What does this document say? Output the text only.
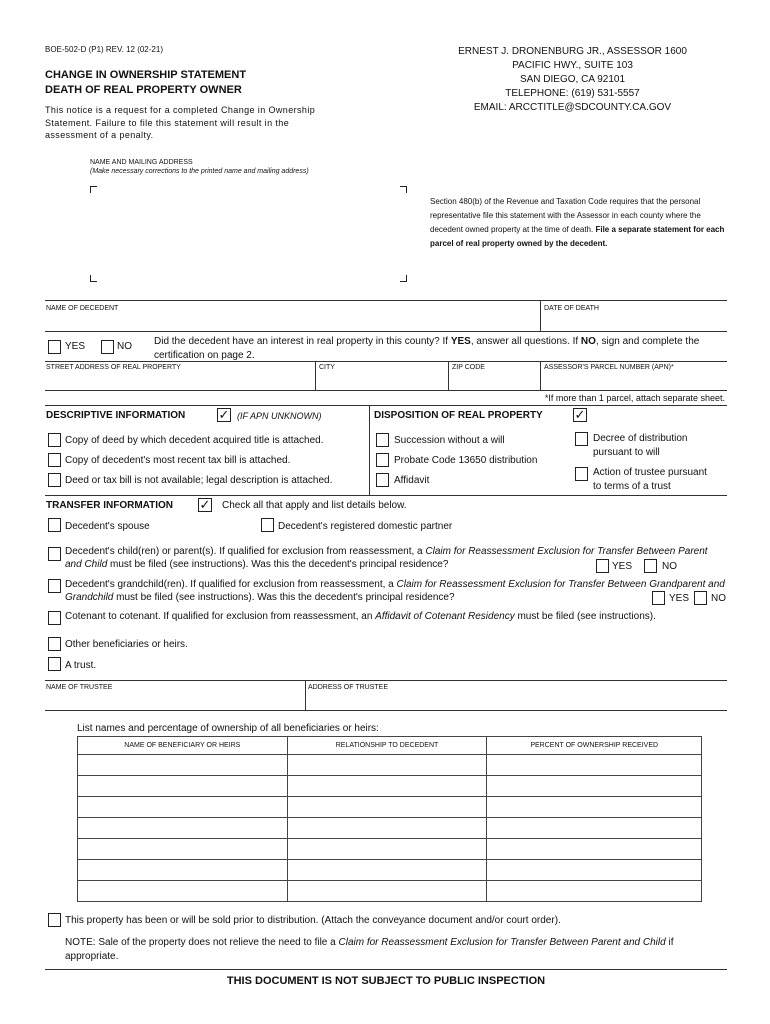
BOE-502-D (P1) REV. 12 (02-21)
CHANGE IN OWNERSHIP STATEMENT
DEATH OF REAL PROPERTY OWNER
This notice is a request for a completed Change in Ownership Statement. Failure to file this statement will result in the assessment of a penalty.
ERNEST J. DRONENBURG JR., ASSESSOR 1600
PACIFIC HWY., SUITE 103
SAN DIEGO, CA 92101
TELEPHONE: (619) 531-5557
EMAIL: ARCCTITLE@SDCOUNTY.CA.GOV
NAME AND MAILING ADDRESS
(Make necessary corrections to the printed name and mailing address)
Section 480(b) of the Revenue and Taxation Code requires that the personal representative file this statement with the Assessor in each county where the decedent owned property at the time of death. File a separate statement for each parcel of real property owned by the decedent.
NAME OF DECEDENT	DATE OF DEATH
YES	NO Did the decedent have an interest in real property in this county? If YES, answer all questions. If NO, sign and complete the certification on page 2.
STREET ADDRESS OF REAL PROPERTY	CITY	ZIP CODE	ASSESSOR'S PARCEL NUMBER (APN)*
*If more than 1 parcel, attach separate sheet.
DESCRIPTIVE INFORMATION	✓ (IF APN UNKNOWN)
Copy of deed by which decedent acquired title is attached.
Copy of decedent's most recent tax bill is attached.
Deed or tax bill is not available; legal description is attached.
DISPOSITION OF REAL PROPERTY ✓
Succession without a will
Probate Code 13650 distribution
Affidavit
Decree of distribution
pursuant to will
Action of trustee pursuant
to terms of a trust
TRANSFER INFORMATION ✓ Check all that apply and list details below.
Decedent's spouse	Decedent's registered domestic partner
Decedent's child(ren) or parent(s). If qualified for exclusion from reassessment, a Claim for Reassessment Exclusion for Transfer Between Parent and Child must be filed (see instructions). Was this the decedent's principal residence?	YES	NO
Decedent's grandchild(ren). If qualified for exclusion from reassessment, a Claim for Reassessment Exclusion for Transfer Between Grandparent and Grandchild must be filed (see instructions). Was this the decedent's principal residence?	YES NO
Cotenant to cotenant. If qualified for exclusion from reassessment, an Affidavit of Cotenant Residency must be filed (see instructions).
Other beneficiaries or heirs.
A trust.
NAME OF TRUSTEE	ADDRESS OF TRUSTEE
List names and percentage of ownership of all beneficiaries or heirs:
NAME OF BENEFICIARY OR HEIRS	RELATIONSHIP TO DECEDENT	PERCENT OF OWNERSHIP RECEIVED

This property has been or will be sold prior to distribution. (Attach the conveyance document and/or court order).
NOTE: Sale of the property does not relieve the need to file a Claim for Reassessment Exclusion for Transfer Between Parent and Child if appropriate.
THIS DOCUMENT IS NOT SUBJECT TO PUBLIC INSPECTION
